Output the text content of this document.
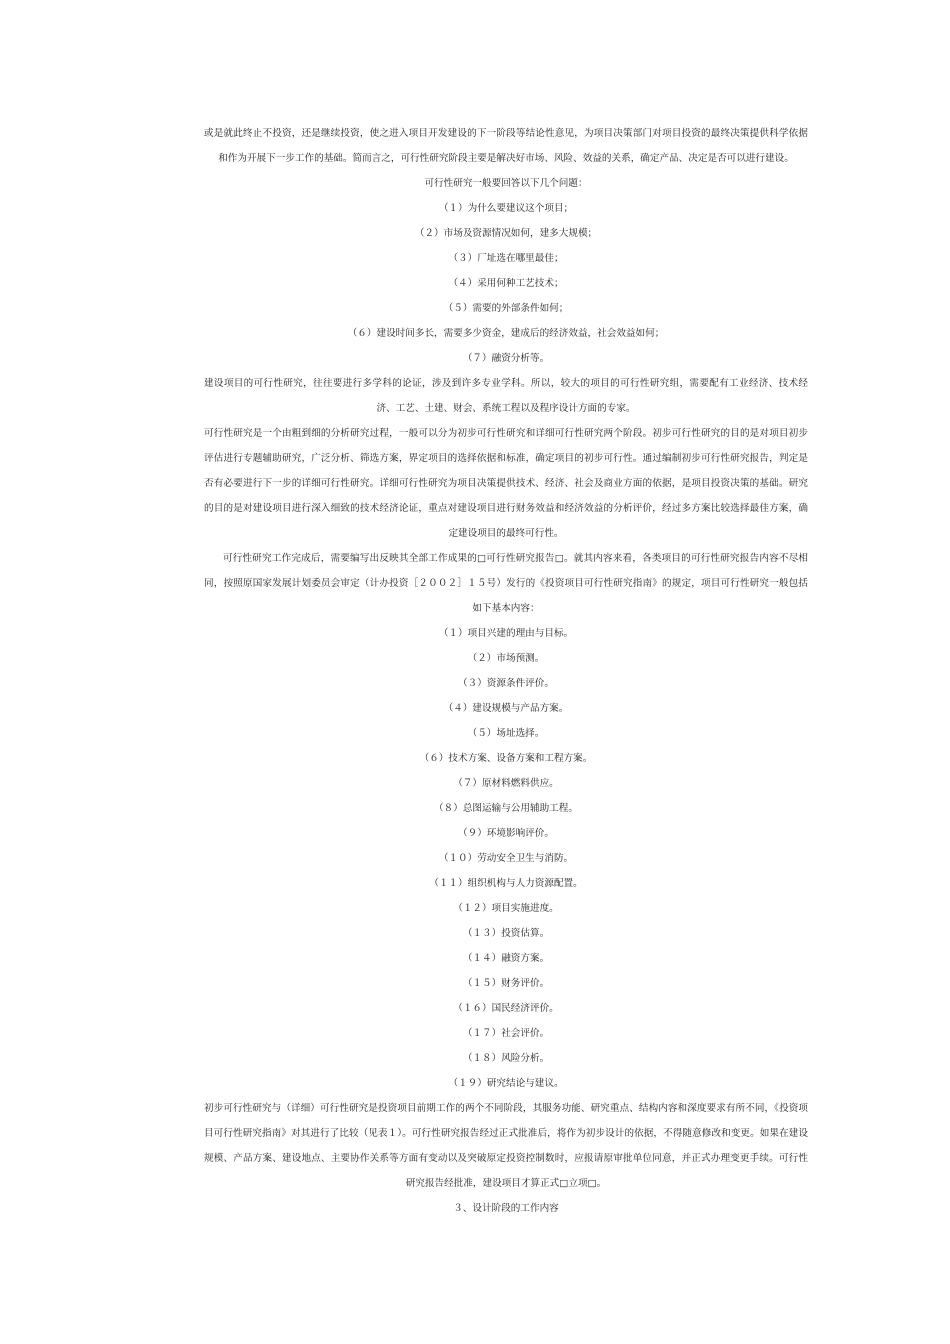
或是就此终止不投资，还是继续投资，使之进入项目开发建设的下一阶段等结论性意见，为项目决策部门对项目投资的最终决策提供科学依据和作为开展下一步工作的基础。简而言之，可行性研究阶段主要是解决好市场、风险、效益的关系，确定产品、决定是否可以进行建设。

可行性研究一般要回答以下几个问题：

（１）为什么要建议这个项目；

（２）市场及资源情况如何，建多大规模；

（３）厂址选在哪里最佳；

（４）采用何种工艺技术；

（５）需要的外部条件如何；

（６）建设时间多长，需要多少资金，建成后的经济效益，社会效益如何；

（７）融资分析等。

建设项目的可行性研究，往往要进行多学科的论证，涉及到许多专业学科。所以，较大的项目的可行性研究组，需要配有工业经济、技术经济、工艺、土建、财会、系统工程以及程序设计方面的专家。

可行性研究是一个由粗到细的分析研究过程，一般可以分为初步可行性研究和详细可行性研究两个阶段。初步可行性研究的目的是对项目初步评估进行专题辅助研究，广泛分析、筛选方案，界定项目的选择依据和标准，确定项目的初步可行性。通过编制初步可行性研究报告，判定是否有必要进行下一步的详细可行性研究。详细可行性研究为项目决策提供技术、经济、社会及商业方面的依据，是项目投资决策的基础。研究的目的是对建设项目进行深入细致的技术经济论证，重点对建设项目进行财务效益和经济效益的分析评价，经过多方案比较选择最佳方案，确定建设项目的最终可行性。

可行性研究工作完成后，需要编写出反映其全部工作成果的□可行性研究报告□。就其内容来看，各类项目的可行性研究报告内容不尽相同，按照原国家发展计划委员会审定（计办投资［２００２］１５号）发行的《投资项目可行性研究指南》的规定，项目可行性研究一般包括如下基本内容：

（１）项目兴建的理由与目标。

（２）市场预测。

（３）资源条件评价。

（４）建设规模与产品方案。

（５）场址选择。

（６）技术方案、设备方案和工程方案。

（７）原材料燃料供应。

（８）总图运输与公用辅助工程。

（９）环境影响评价。

（１０）劳动安全卫生与消防。

（１１）组织机构与人力资源配置。

（１２）项目实施进度。

（１３）投资估算。

（１４）融资方案。

（１５）财务评价。

（１６）国民经济评价。

（１７）社会评价。

（１８）风险分析。

（１９）研究结论与建议。

初步可行性研究与（详细）可行性研究是投资项目前期工作的两个不同阶段，其服务功能、研究重点、结构内容和深度要求有所不同，《投资项目可行性研究指南》对其进行了比较（见表１）。可行性研究报告经过正式批准后，将作为初步设计的依据，不得随意修改和变更。如果在建设规模、产品方案、建设地点、主要协作关系等方面有变动以及突破原定投资控制数时，应报请原审批单位同意，并正式办理变更手续。可行性研究报告经批准，建设项目才算正式□立项□。

３、设计阶段的工作内容
